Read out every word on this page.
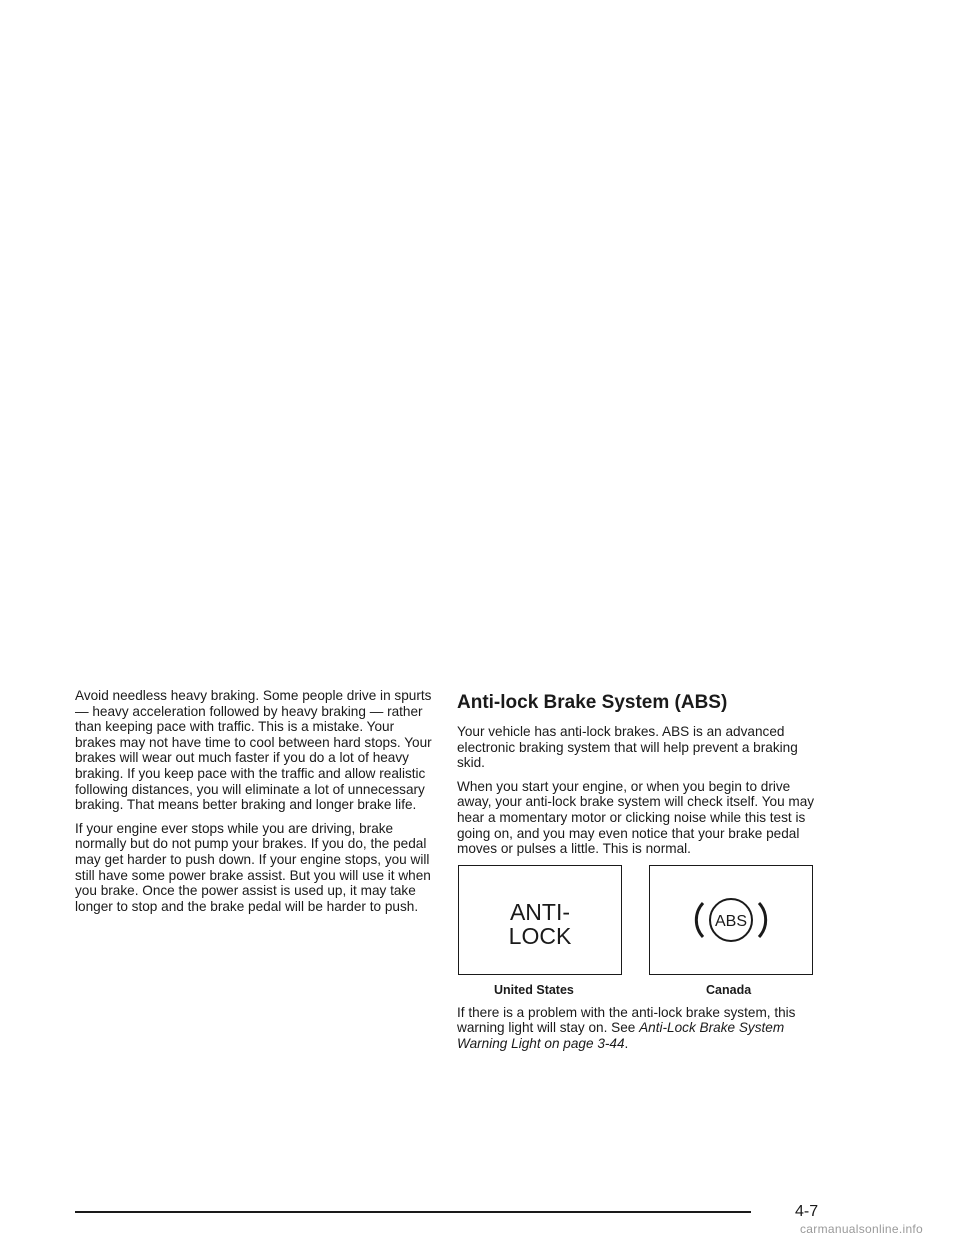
Avoid needless heavy braking. Some people drive in spurts — heavy acceleration followed by heavy braking — rather than keeping pace with traffic. This is a mistake. Your brakes may not have time to cool between hard stops. Your brakes will wear out much faster if you do a lot of heavy braking. If you keep pace with the traffic and allow realistic following distances, you will eliminate a lot of unnecessary braking. That means better braking and longer brake life.

If your engine ever stops while you are driving, brake normally but do not pump your brakes. If you do, the pedal may get harder to push down. If your engine stops, you will still have some power brake assist. But you will use it when you brake. Once the power assist is used up, it may take longer to stop and the brake pedal will be harder to push.

Anti-lock Brake System (ABS)

Your vehicle has anti-lock brakes. ABS is an advanced electronic braking system that will help prevent a braking skid.

When you start your engine, or when you begin to drive away, your anti-lock brake system will check itself. You may hear a momentary motor or clicking noise while this test is going on, and you may even notice that your brake pedal moves or pulses a little. This is normal.

ANTI-
LOCK
ABS
United States	Canada

If there is a problem with the anti-lock brake system, this warning light will stay on. See Anti-Lock Brake System Warning Light on page 3-44.

4-7
carmanualsonline.info
